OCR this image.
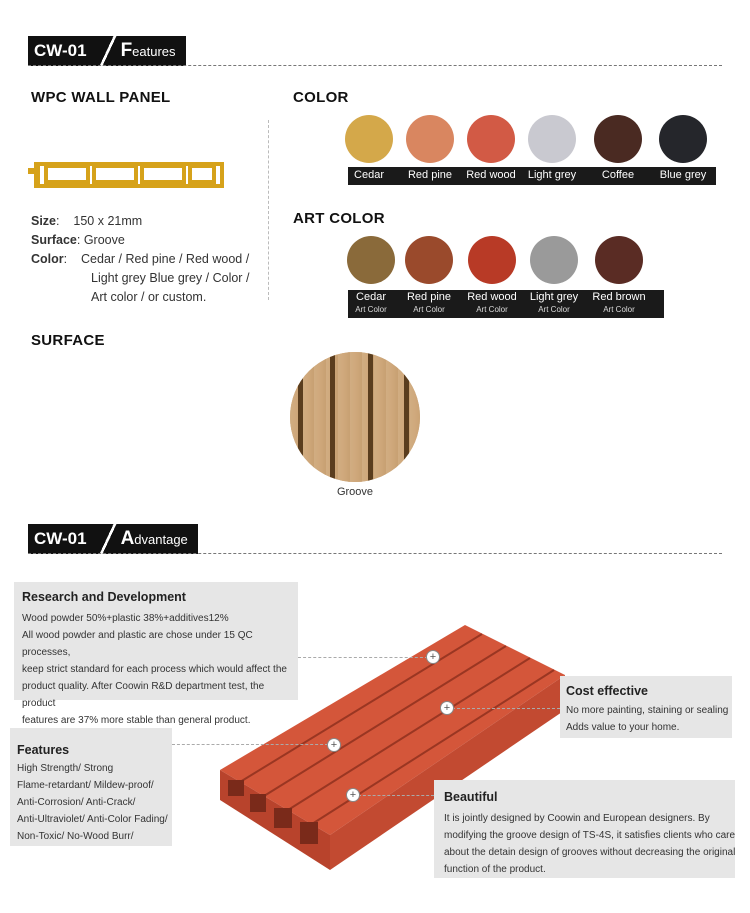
CW-01	F eatures
WPC WALL PANEL
Size:    150 x 21mm
Surface: Groove
Color:    Cedar / Red pine / Red wood /
Light grey Blue grey / Color /
Art color / or custom.
COLOR
Cedar	Red pine	Red wood	Light grey	Coffee	Blue grey
ART COLOR
Cedar
Art Color
Red pine
Art Color
Red wood
Art Color
Light grey
Art Color
Red brown
Art Color
SURFACE
Groove
CW-01	A dvantage
Research and Development
Wood powder 50%+plastic 38%+additives12%
All wood powder and plastic are chose under 15 QC processes,
keep strict standard for each process which would affect the
product quality. After Coowin R&D department test, the product
features are 37% more stable than general product.
Cost effective
No more painting, staining or sealing
Adds value to your home.
Features
High Strength/ Strong
Flame-retardant/ Mildew-proof/
Anti-Corrosion/ Anti-Crack/
Anti-Ultraviolet/ Anti-Color Fading/
Non-Toxic/ No-Wood Burr/
Beautiful
It is jointly designed by Coowin and European designers. By
modifying the groove design of TS-4S, it satisfies clients who care
about the detain design of grooves without decreasing the original
function of the product.
+
+
+
+
